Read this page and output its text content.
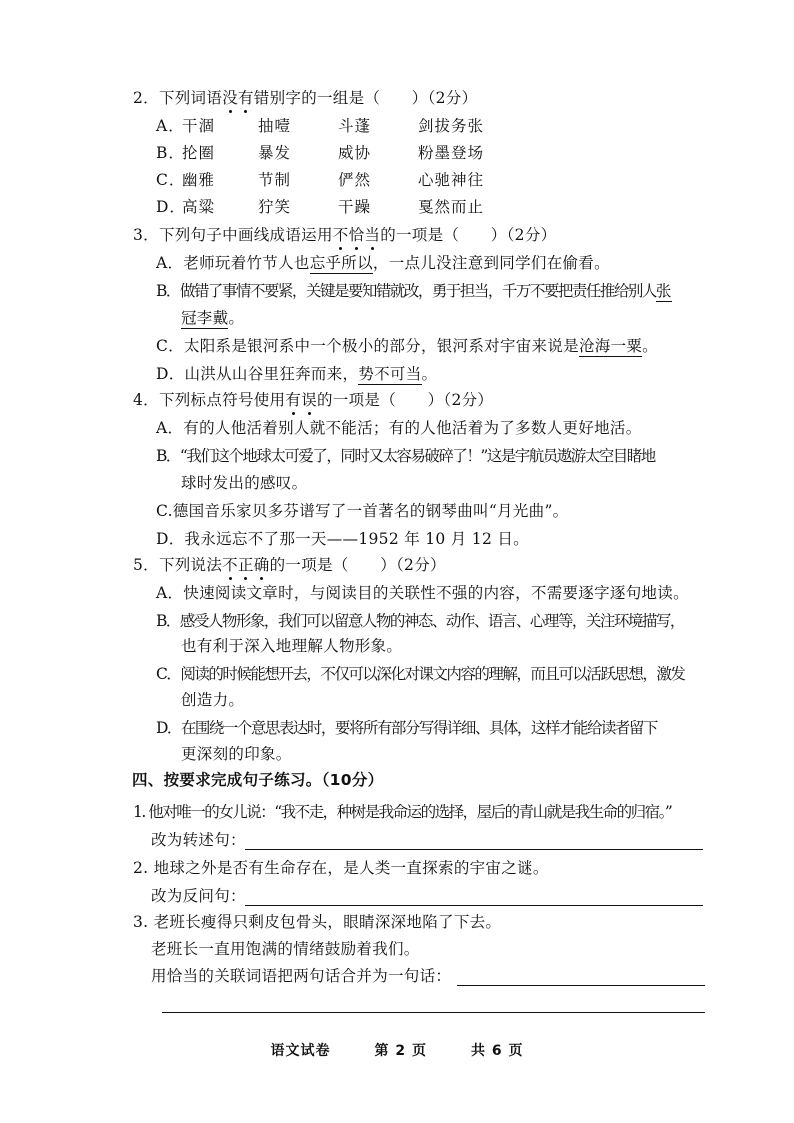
2．下列词语没有错别字的一组是（　　）（2分）
A．
干涸	抽噎	斗蓬	剑拔务张
B．
抡圈	暴发	威协	粉墨登场
C．
幽雅	节制	俨然	心驰神往
D．
高粱	狞笑	干躁	戛然而止
3．下列句子中画线成语运用不恰当的一项是（　　）（2分）
A．老师玩着竹节人也忘乎所以，一点儿没注意到同学们在偷看。
B．做错了事情不要紧，关键是要知错就改，勇于担当，千万不要把责任推给别人张
冠李戴。
C．太阳系是银河系中一个极小的部分，银河系对宇宙来说是沧海一粟。
D．山洪从山谷里狂奔而来，势不可当。
4．下列标点符号使用有误的一项是（　　）（2分）
A．有的人他活着别人就不能活；有的人他活着为了多数人更好地活。
B．“我们这个地球太可爱了，同时又太容易破碎了！”这是宇航员遨游太空目睹地
球时发出的感叹。
C.德国音乐家贝多芬谱写了一首著名的钢琴曲叫“月光曲”。
D．我永远忘不了那一天——1952 年 10 月 12 日。
5．下列说法不正确的一项是（　　）（2分）
A．快速阅读文章时，与阅读目的关联性不强的内容，不需要逐字逐句地读。
B．感受人物形象，我们可以留意人物的神态、动作、语言、心理等，关注环境描写，
也有利于深入地理解人物形象。
C．阅读的时候能想开去，不仅可以深化对课文内容的理解，而且可以活跃思想，激发
创造力。
D．在围绕一个意思表达时，要将所有部分写得详细、具体，这样才能给读者留下
更深刻的印象。
四、按要求完成句子练习。（10分）
1. 他对唯一的女儿说：“我不走，种树是我命运的选择，屋后的青山就是我生命的归宿。”
改为转述句：
2. 地球之外是否有生命存在，是人类一直探索的宇宙之谜。
改为反问句：
3. 老班长瘦得只剩皮包骨头，眼睛深深地陷了下去。
老班长一直用饱满的情绪鼓励着我们。
用恰当的关联词语把两句话合并为一句话：
语文试卷	第 2 页	共 6 页
